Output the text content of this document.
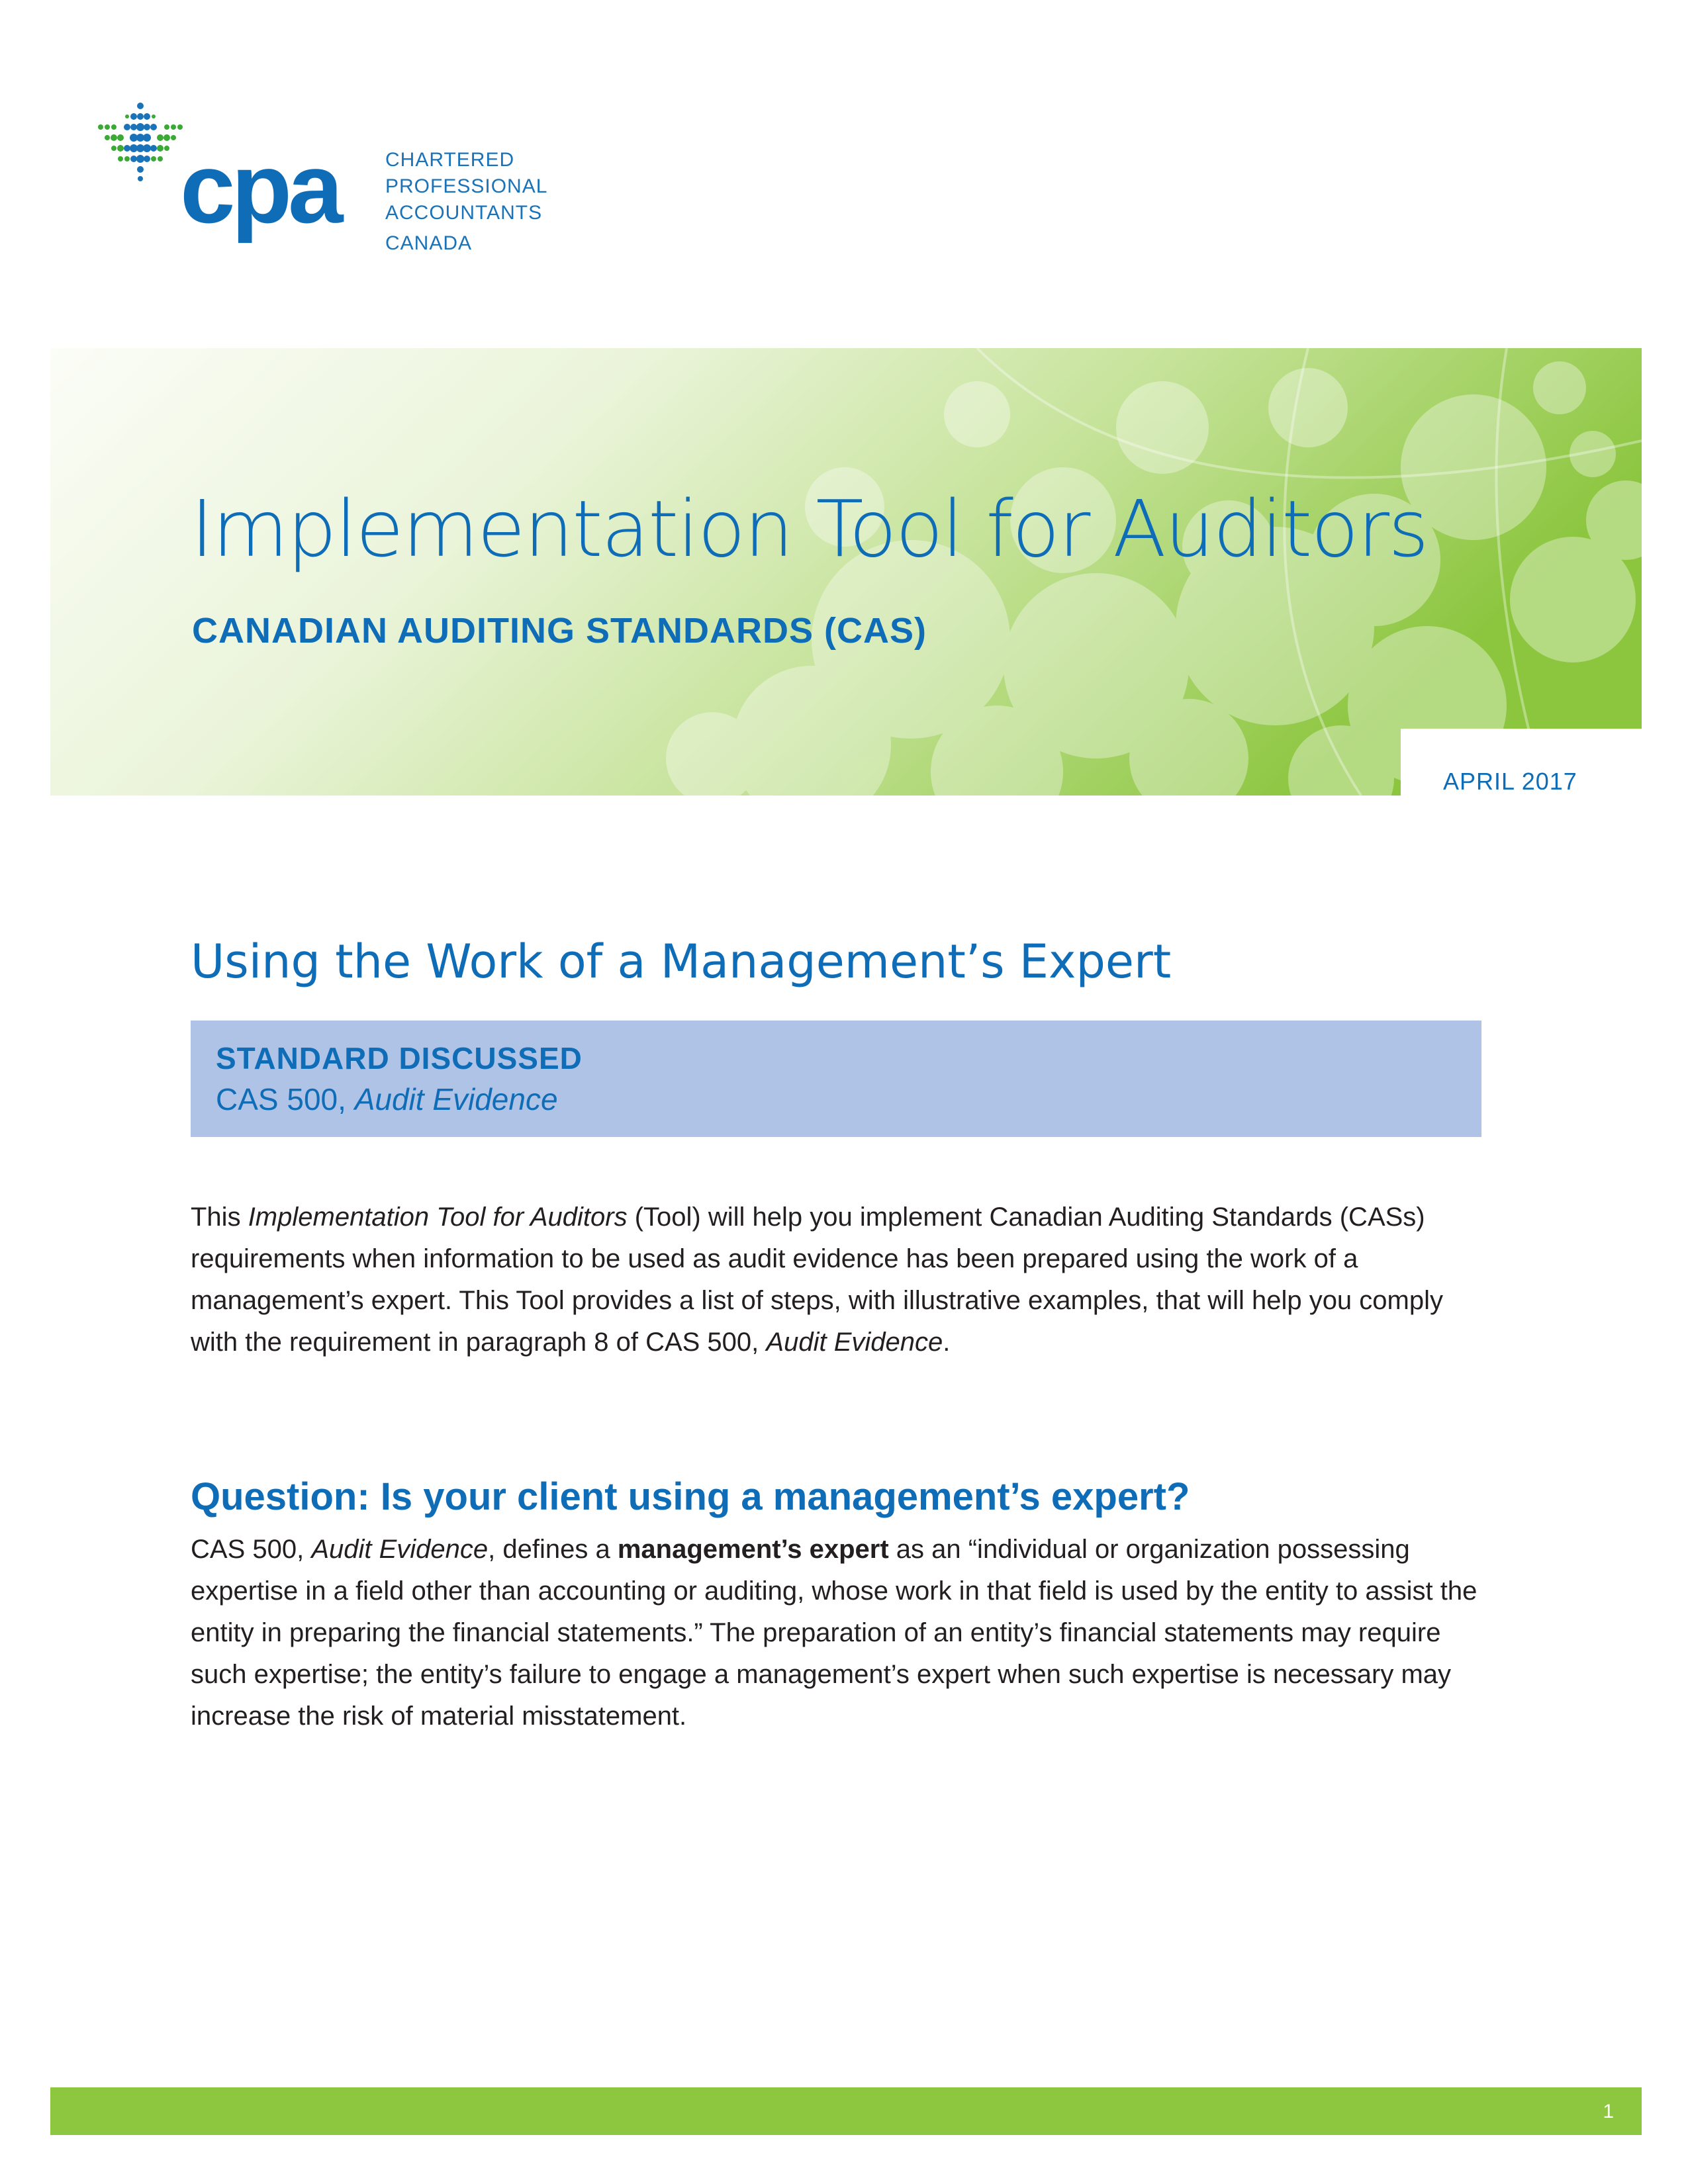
cpa CHARTERED
PROFESSIONAL
ACCOUNTANTS
CANADA
Implementation Tool for Auditors
CANADIAN AUDITING STANDARDS (CAS)
APRIL 2017
Using the Work of a Management’s Expert
STANDARD DISCUSSED
CAS 500, Audit Evidence
This Implementation Tool for Auditors (Tool) will help you implement Canadian Auditing Standards (CASs) requirements when information to be used as audit evidence has been prepared using the work of a management’s expert. This Tool provides a list of steps, with illustrative examples, that will help you comply with the requirement in paragraph 8 of CAS 500, Audit Evidence.
Question: Is your client using a management’s expert?
CAS 500, Audit Evidence, defines a management’s expert as an “individual or organization possessing expertise in a field other than accounting or auditing, whose work in that field is used by the entity to assist the entity in preparing the financial statements.” The preparation of an entity’s financial statements may require such expertise; the entity’s failure to engage a management’s expert when such expertise is necessary may increase the risk of material misstatement.
1
